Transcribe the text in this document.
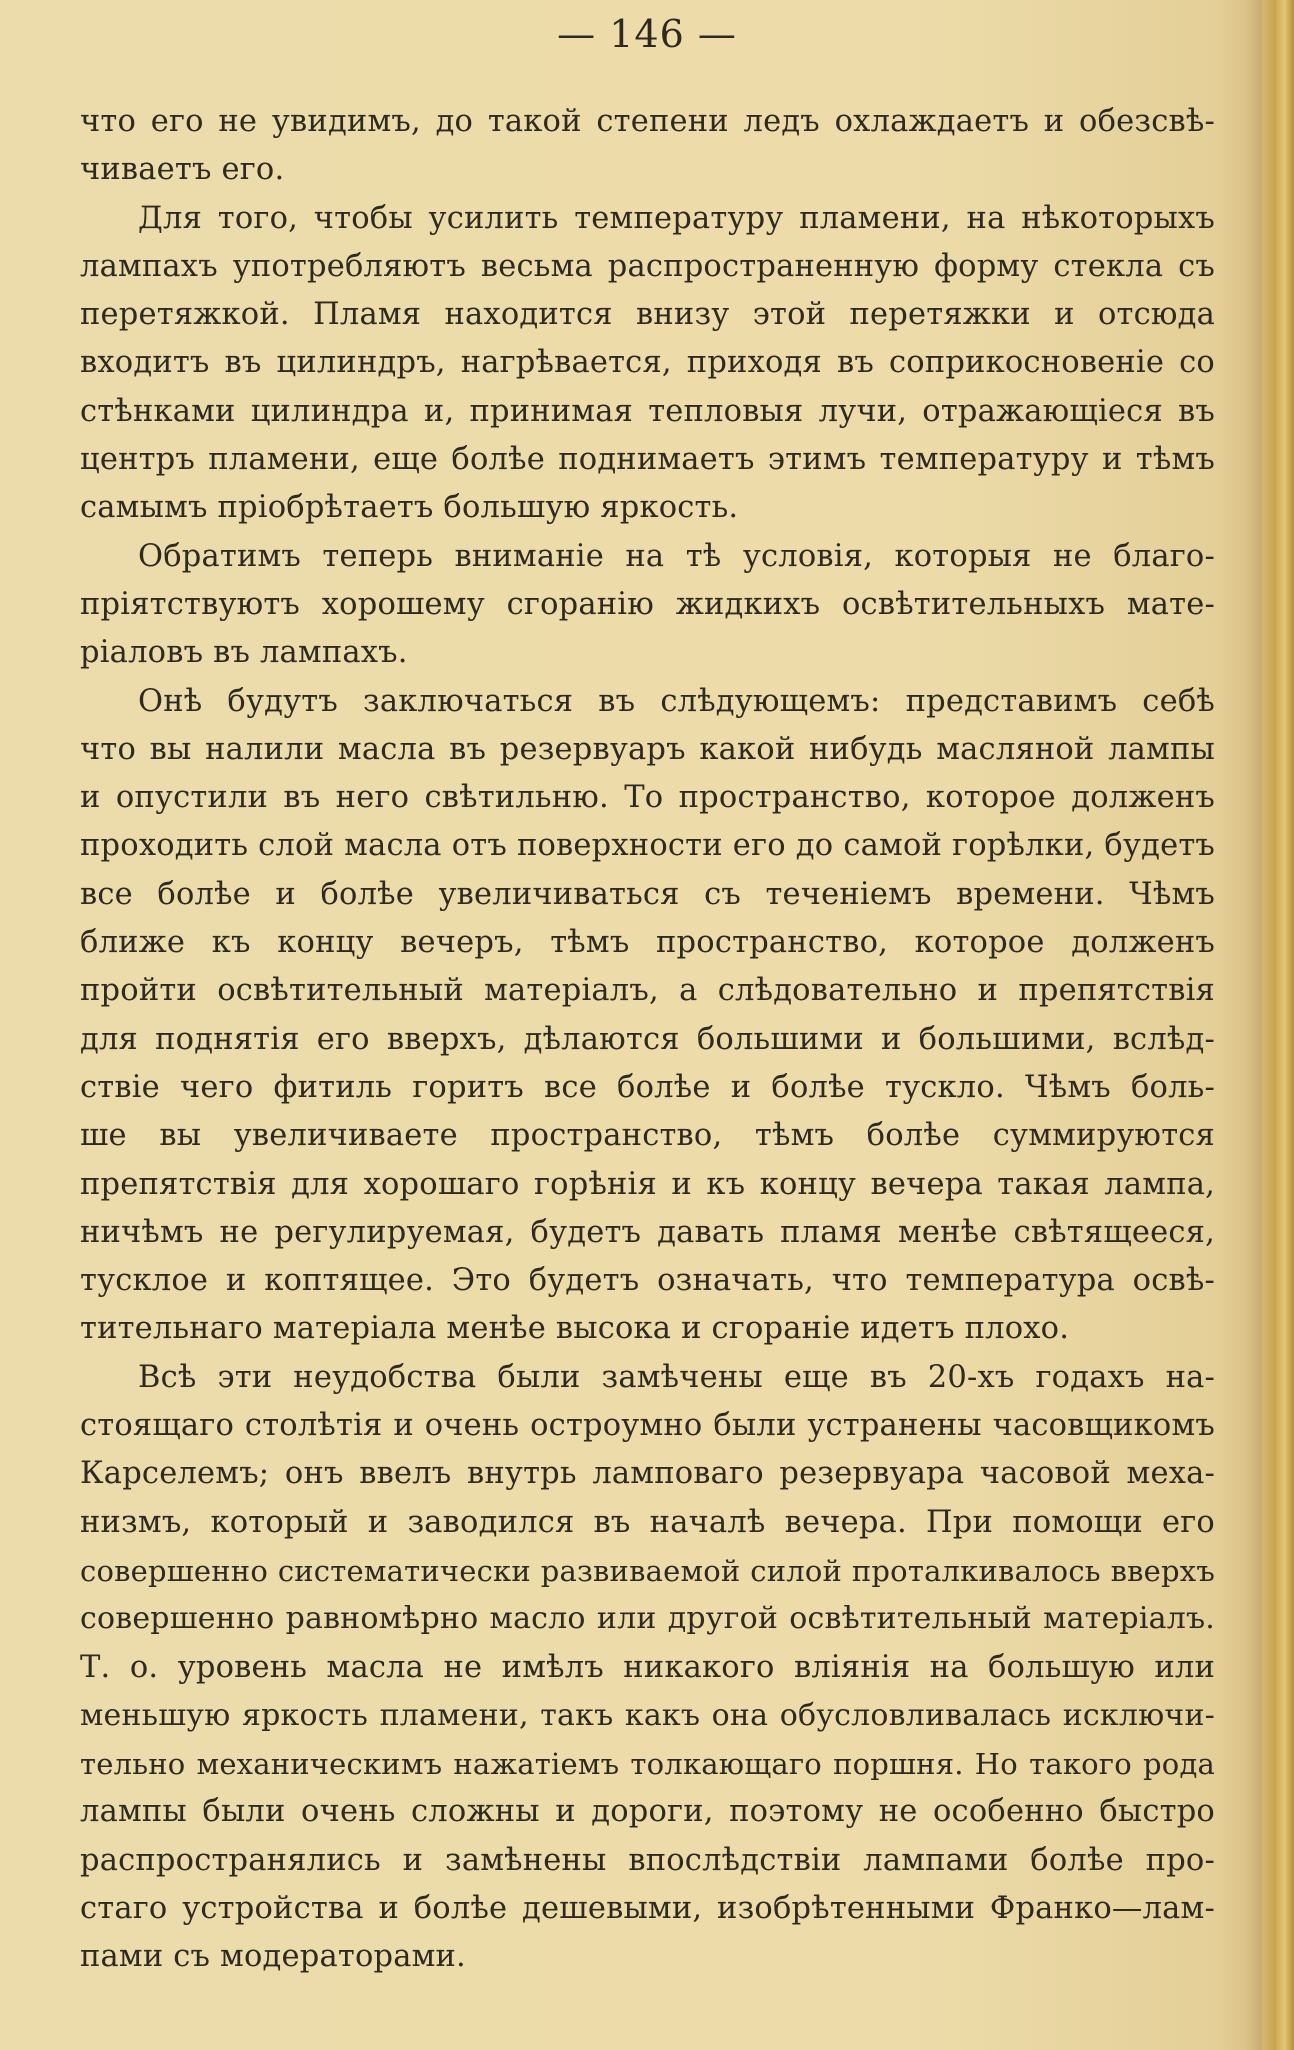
— 146 —
что его не увидимъ, до такой степени ледъ охлаждаетъ и обезсвѣ-
чиваетъ его.
Для того, чтобы усилить температуру пламени, на нѣкоторыхъ
лампахъ употребляютъ весьма распространенную форму стекла съ
перетяжкой. Пламя находится внизу этой перетяжки и отсюда
входитъ въ цилиндръ, нагрѣвается, приходя въ соприкосновеніе со
стѣнками цилиндра и, принимая тепловыя лучи, отражающіеся въ
центръ пламени, еще болѣе поднимаетъ этимъ температуру и тѣмъ
самымъ пріобрѣтаетъ большую яркость.
Обратимъ теперь вниманіе на тѣ условія, которыя не благо-
пріятствуютъ хорошему сгоранію жидкихъ освѣтительныхъ мате-
ріаловъ въ лампахъ.
Онѣ будутъ заключаться въ слѣдующемъ: представимъ себѣ
что вы налили масла въ резервуаръ какой нибудь масляной лампы
и опустили въ него свѣтильню. То пространство, которое долженъ
проходить слой масла отъ поверхности его до самой горѣлки, будетъ
все болѣе и болѣе увеличиваться съ теченіемъ времени. Чѣмъ
ближе къ концу вечеръ, тѣмъ пространство, которое долженъ
пройти освѣтительный матеріалъ, а слѣдовательно и препятствія
для поднятія его вверхъ, дѣлаются большими и большими, вслѣд-
ствіе чего фитиль горитъ все болѣе и болѣе тускло. Чѣмъ боль-
ше вы увеличиваете пространство, тѣмъ болѣе суммируются
препятствія для хорошаго горѣнія и къ концу вечера такая лампа,
ничѣмъ не регулируемая, будетъ давать пламя менѣе свѣтящееся,
тусклое и коптящее. Это будетъ означать, что температура освѣ-
тительнаго матеріала менѣе высока и сгораніе идетъ плохо.
Всѣ эти неудобства были замѣчены еще въ 20-хъ годахъ на-
стоящаго столѣтія и очень остроумно были устранены часовщикомъ
Карселемъ; онъ ввелъ внутрь ламповаго резервуара часовой меха-
низмъ, который и заводился въ началѣ вечера. При помощи его
совершенно систематически развиваемой силой проталкивалось вверхъ
совершенно равномѣрно масло или другой освѣтительный матеріалъ.
Т. о. уровень масла не имѣлъ никакого вліянія на большую или
меньшую яркость пламени, такъ какъ она обусловливалась исключи-
тельно механическимъ нажатіемъ толкающаго поршня. Но такого рода
лампы были очень сложны и дороги, поэтому не особенно быстро
распространялись и замѣнены впослѣдствіи лампами болѣе про-
стаго устройства и болѣе дешевыми, изобрѣтенными Франко—лам-
пами съ модераторами.
